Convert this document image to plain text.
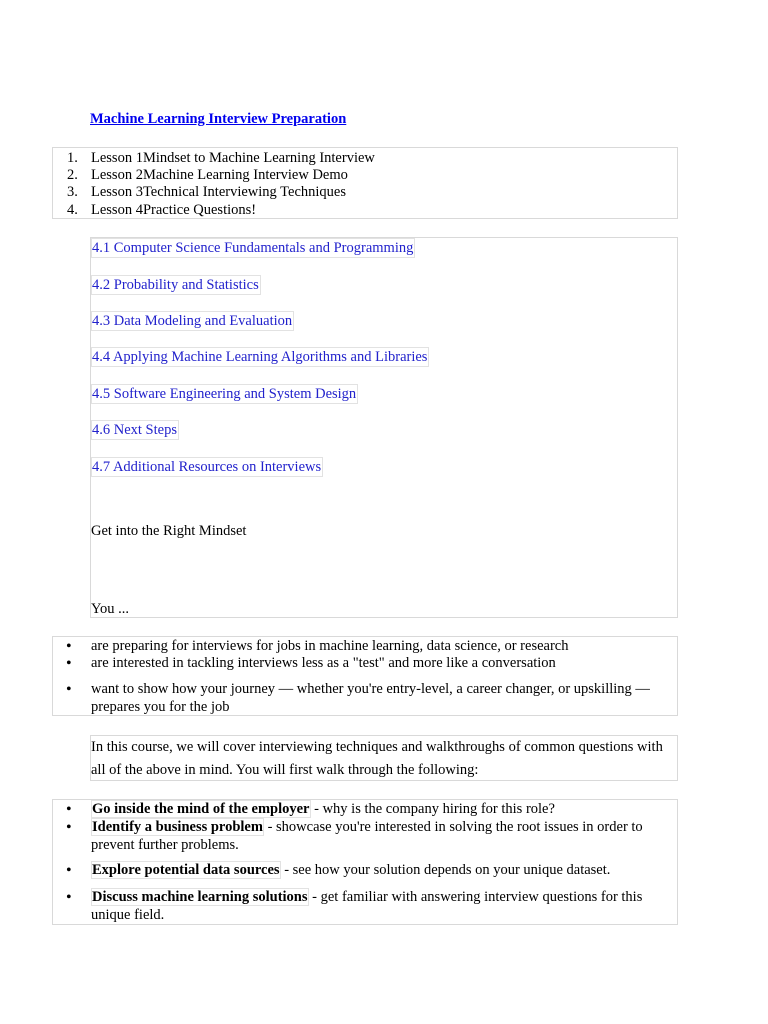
Machine Learning Interview Preparation
1. Lesson 1Mindset to Machine Learning Interview
2. Lesson 2Machine Learning Interview Demo
3. Lesson 3Technical Interviewing Techniques
4. Lesson 4Practice Questions!
4.1 Computer Science Fundamentals and Programming
4.2 Probability and Statistics
4.3 Data Modeling and Evaluation
4.4 Applying Machine Learning Algorithms and Libraries
4.5 Software Engineering and System Design
4.6 Next Steps
4.7 Additional Resources on Interviews
Get into the Right Mindset
You ...
• are preparing for interviews for jobs in machine learning, data science, or research
• are interested in tackling interviews less as a "test" and more like a conversation
• want to show how your journey — whether you're entry-level, a career changer, or upskilling — prepares you for the job
In this course, we will cover interviewing techniques and walkthroughs of common questions with all of the above in mind. You will first walk through the following:
• Go inside the mind of the employer - why is the company hiring for this role?
• Identify a business problem - showcase you're interested in solving the root issues in order to prevent further problems.
• Explore potential data sources - see how your solution depends on your unique dataset.
• Discuss machine learning solutions - get familiar with answering interview questions for this unique field.
